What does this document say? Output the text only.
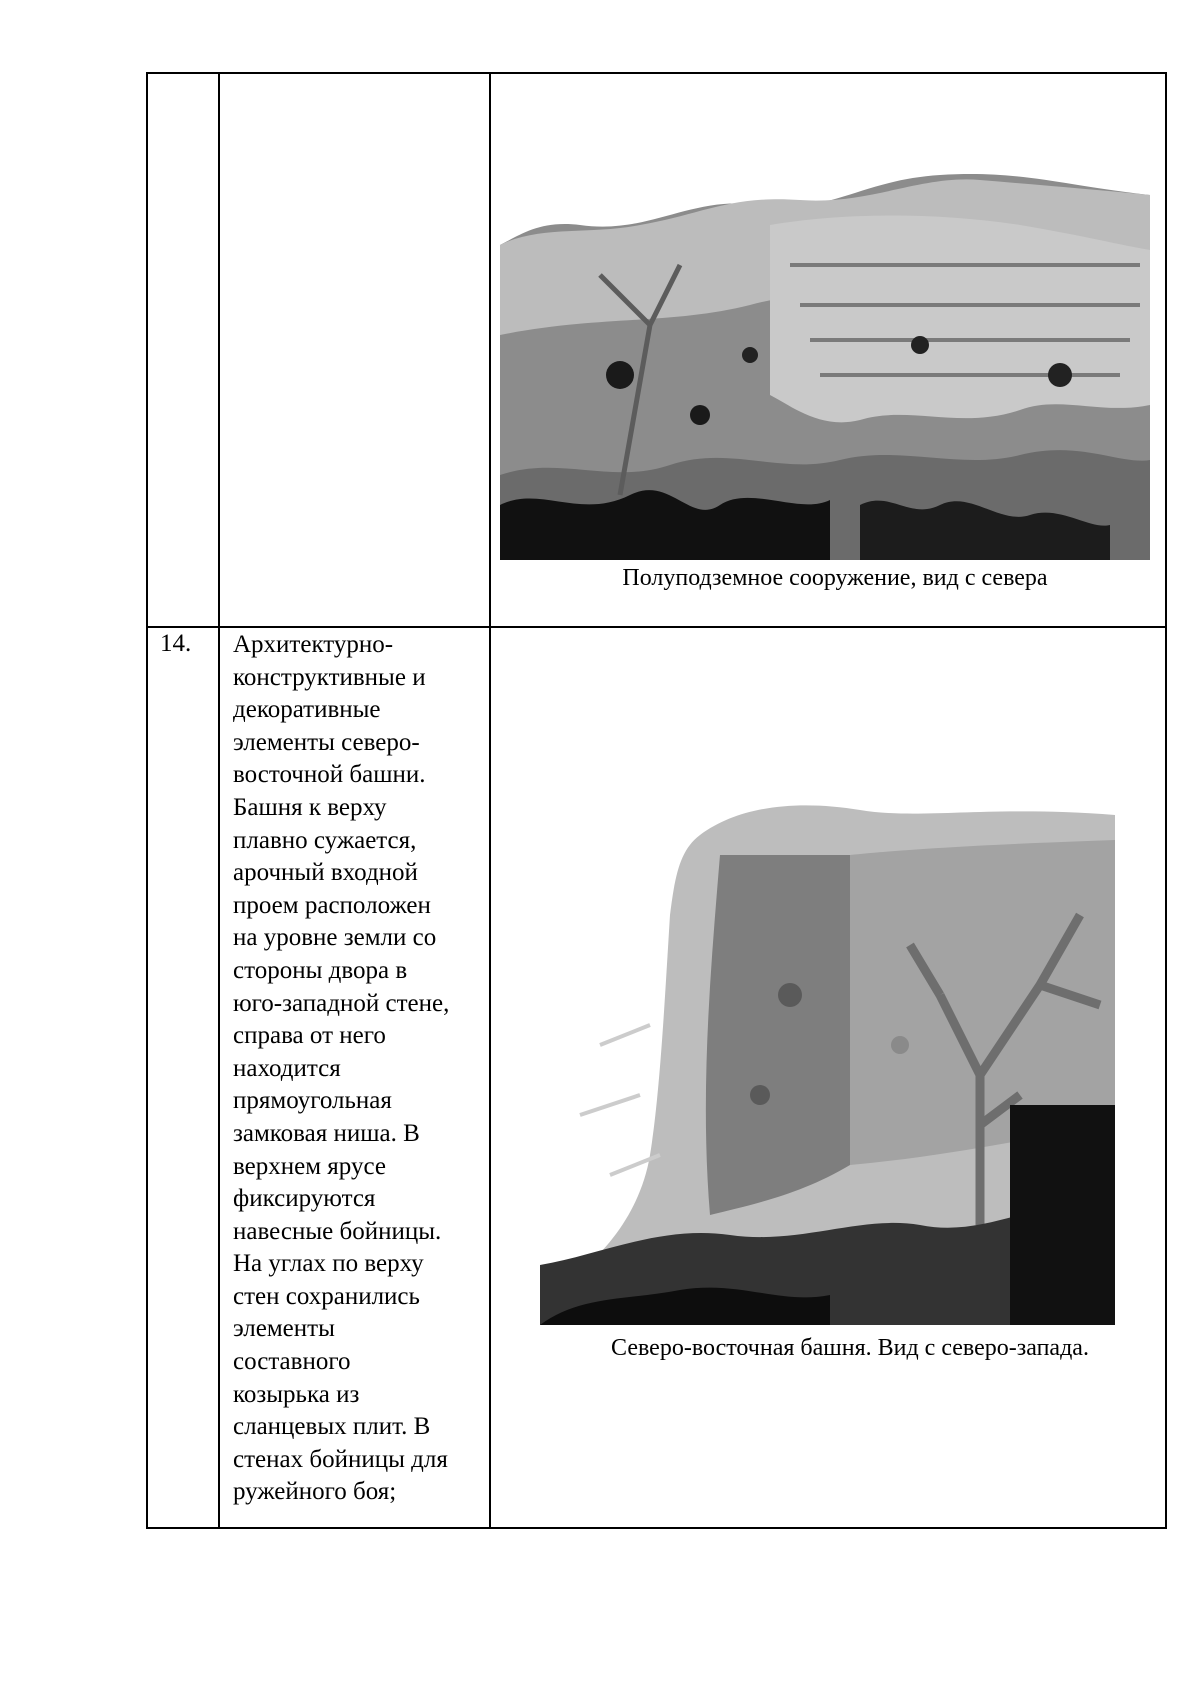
Полуподземное сооружение, вид с севера
14. Архитектурно-
конструктивные и
декоративные
элементы северо-
восточной башни.
Башня к верху
плавно сужается,
арочный входной
проем расположен
на уровне земли со
стороны двора в
юго-западной стене,
справа от него
находится
прямоугольная
замковая ниша. В
верхнем ярусе
фиксируются
навесные бойницы.
На углах по верху
стен сохранились
элементы
составного
козырька из
сланцевых плит. В
стенах бойницы для
ружейного боя;
Северо-восточная башня. Вид с северо-запада.
